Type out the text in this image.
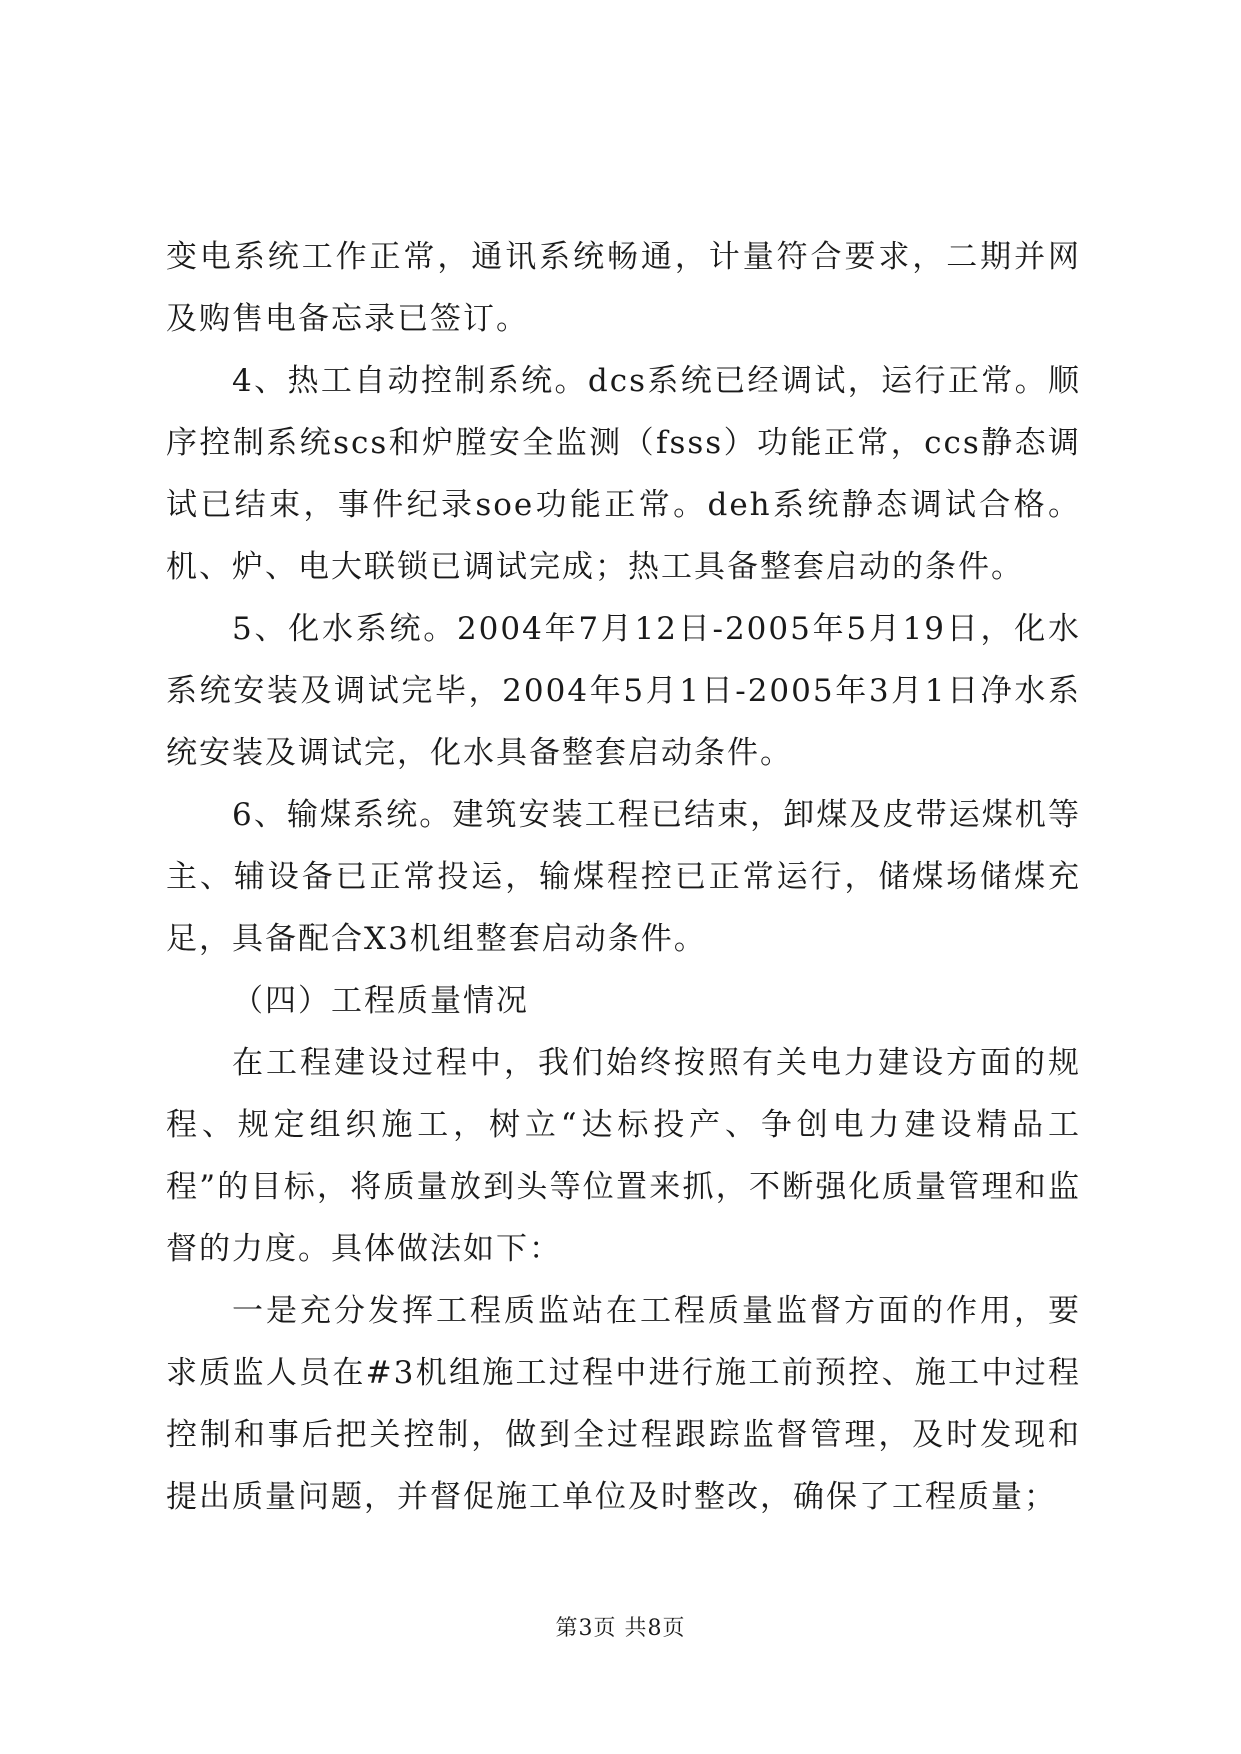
变电系统工作正常，通讯系统畅通，计量符合要求，二期并网及购售电备忘录已签订。

4、热工自动控制系统。dcs系统已经调试，运行正常。顺序控制系统scs和炉膛安全监测（fsss）功能正常，ccs静态调试已结束，事件纪录soe功能正常。deh系统静态调试合格。机、炉、电大联锁已调试完成；热工具备整套启动的条件。

5、化水系统。2004年7月12日-2005年5月19日，化水系统安装及调试完毕，2004年5月1日-2005年3月1日净水系统安装及调试完，化水具备整套启动条件。

6、输煤系统。建筑安装工程已结束，卸煤及皮带运煤机等主、辅设备已正常投运，输煤程控已正常运行，储煤场储煤充足，具备配合X3机组整套启动条件。

（四）工程质量情况

在工程建设过程中，我们始终按照有关电力建设方面的规程、规定组织施工，树立“达标投产、争创电力建设精品工程”的目标，将质量放到头等位置来抓，不断强化质量管理和监督的力度。具体做法如下：

一是充分发挥工程质监站在工程质量监督方面的作用，要求质监人员在#3机组施工过程中进行施工前预控、施工中过程控制和事后把关控制，做到全过程跟踪监督管理，及时发现和提出质量问题，并督促施工单位及时整改，确保了工程质量；

第3页 共8页
